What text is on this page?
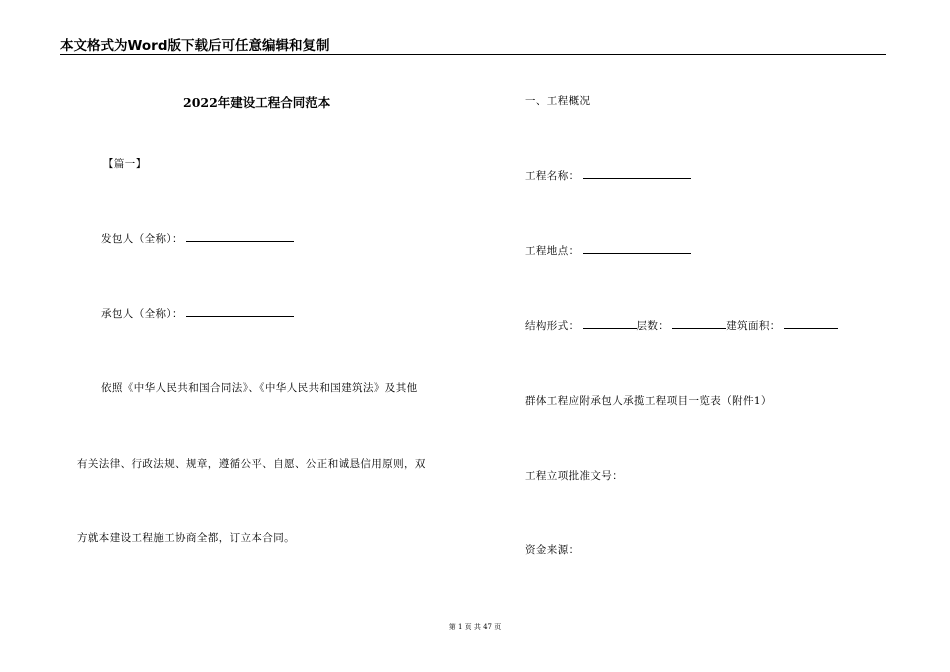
本文格式为Word版下载后可任意编辑和复制
2022年建设工程合同范本
【篇一】
发包人（全称）：
承包人（全称）：
依照《中华人民共和国合同法》、《中华人民共和国建筑法》及其他
有关法律、行政法规、规章，遵循公平、自愿、公正和诚恳信用原则，双
方就本建设工程施工协商全都，订立本合同。
一、工程概况
工程名称：
工程地点：
结构形式：	层数：	建筑面积：
群体工程应附承包人承揽工程项目一览表（附件1）
工程立项批准文号：
资金来源：
第 1 页 共 47 页
